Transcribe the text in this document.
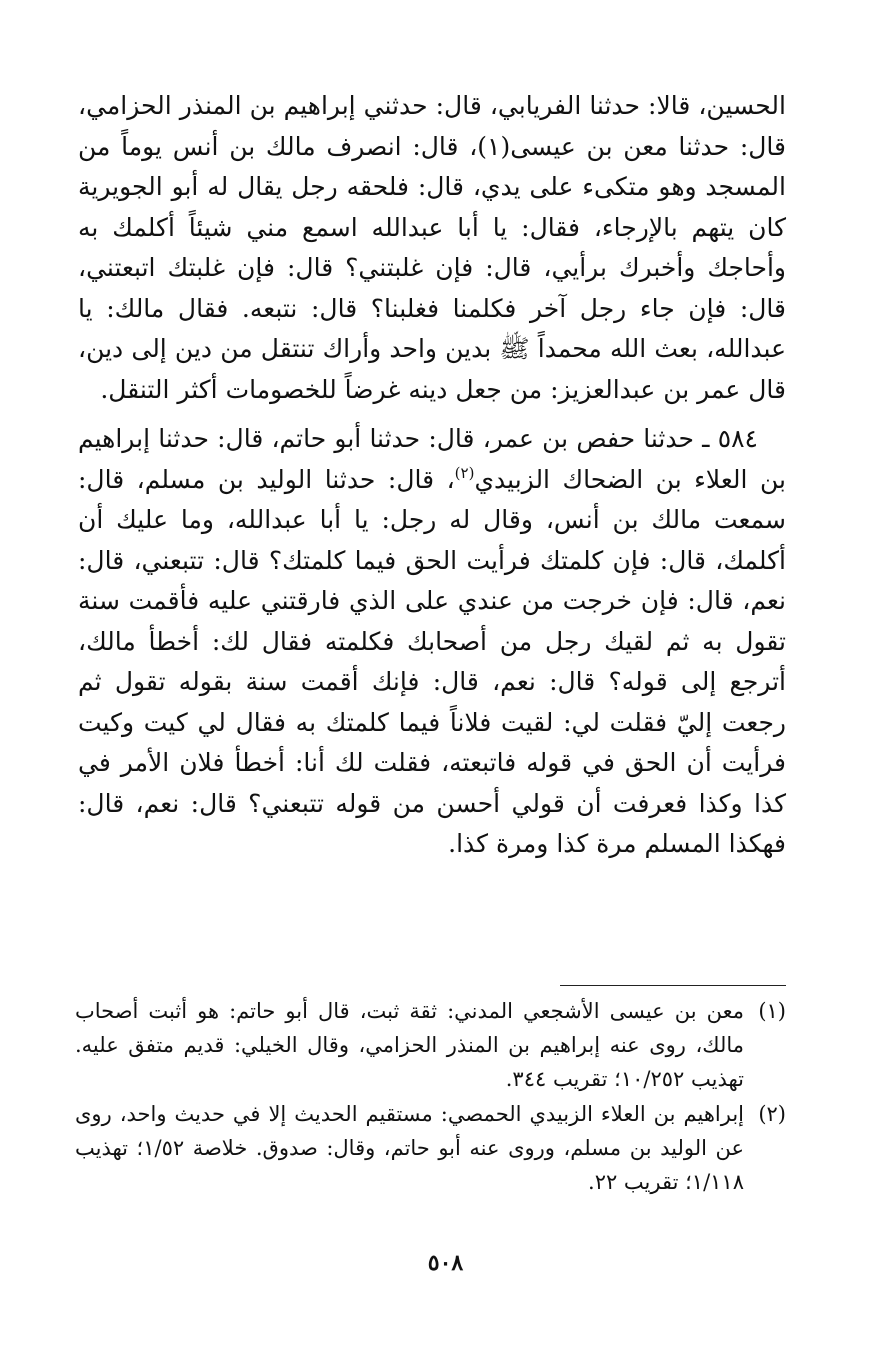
الحسين، قالا: حدثنا الفريابي، قال: حدثني إبراهيم بن المنذر الحزامي، قال: حدثنا معن بن عيسى(١)، قال: انصرف مالك بن أنس يوماً من المسجد وهو متكىء على يدي، قال: فلحقه رجل يقال له أبو الجويرية كان يتهم بالإرجاء، فقال: يا أبا عبدالله اسمع مني شيئاً أكلمك به وأحاجك وأخبرك برأيي، قال: فإن غلبتني؟ قال: فإن غلبتك اتبعتني، قال: فإن جاء رجل آخر فكلمنا فغلبنا؟ قال: نتبعه. فقال مالك: يا عبدالله، بعث الله محمداً ﷺ بدين واحد وأراك تنتقل من دين إلى دين، قال عمر بن عبدالعزيز: من جعل دينه غرضاً للخصومات أكثر التنقل.

٥٨٤ ـ حدثنا حفص بن عمر، قال: حدثنا أبو حاتم، قال: حدثنا إبراهيم بن العلاء بن الضحاك الزبيدي$^{(٢)}$، قال: حدثنا الوليد بن مسلم، قال: سمعت مالك بن أنس، وقال له رجل: يا أبا عبدالله، وما عليك أن أكلمك، قال: فإن كلمتك فرأيت الحق فيما كلمتك؟ قال: تتبعني، قال: نعم، قال: فإن خرجت من عندي على الذي فارقتني عليه فأقمت سنة تقول به ثم لقيك رجل من أصحابك فكلمته فقال لك: أخطأ مالك، أترجع إلى قوله؟ قال: نعم، قال: فإنك أقمت سنة بقوله تقول ثم رجعت إليّ فقلت لي: لقيت فلاناً فيما كلمتك به فقال لي كيت وكيت فرأيت أن الحق في قوله فاتبعته، فقلت لك أنا: أخطأ فلان الأمر في كذا وكذا فعرفت أن قولي أحسن من قوله تتبعني؟ قال: نعم، قال: فهكذا المسلم مرة كذا ومرة كذا.

(١)
معن بن عيسى الأشجعي المدني: ثقة ثبت، قال أبو حاتم: هو أثبت أصحاب مالك، روى عنه إبراهيم بن المنذر الحزامي، وقال الخيلي: قديم متفق عليه. تهذيب ١٠/٢٥٢؛ تقريب ٣٤٤.
(٢)
إبراهيم بن العلاء الزبيدي الحمصي: مستقيم الحديث إلا في حديث واحد، روى عن الوليد بن مسلم، وروى عنه أبو حاتم، وقال: صدوق. خلاصة ١/٥٢؛ تهذيب ١/١١٨؛ تقريب ٢٢.
٥٠٨
